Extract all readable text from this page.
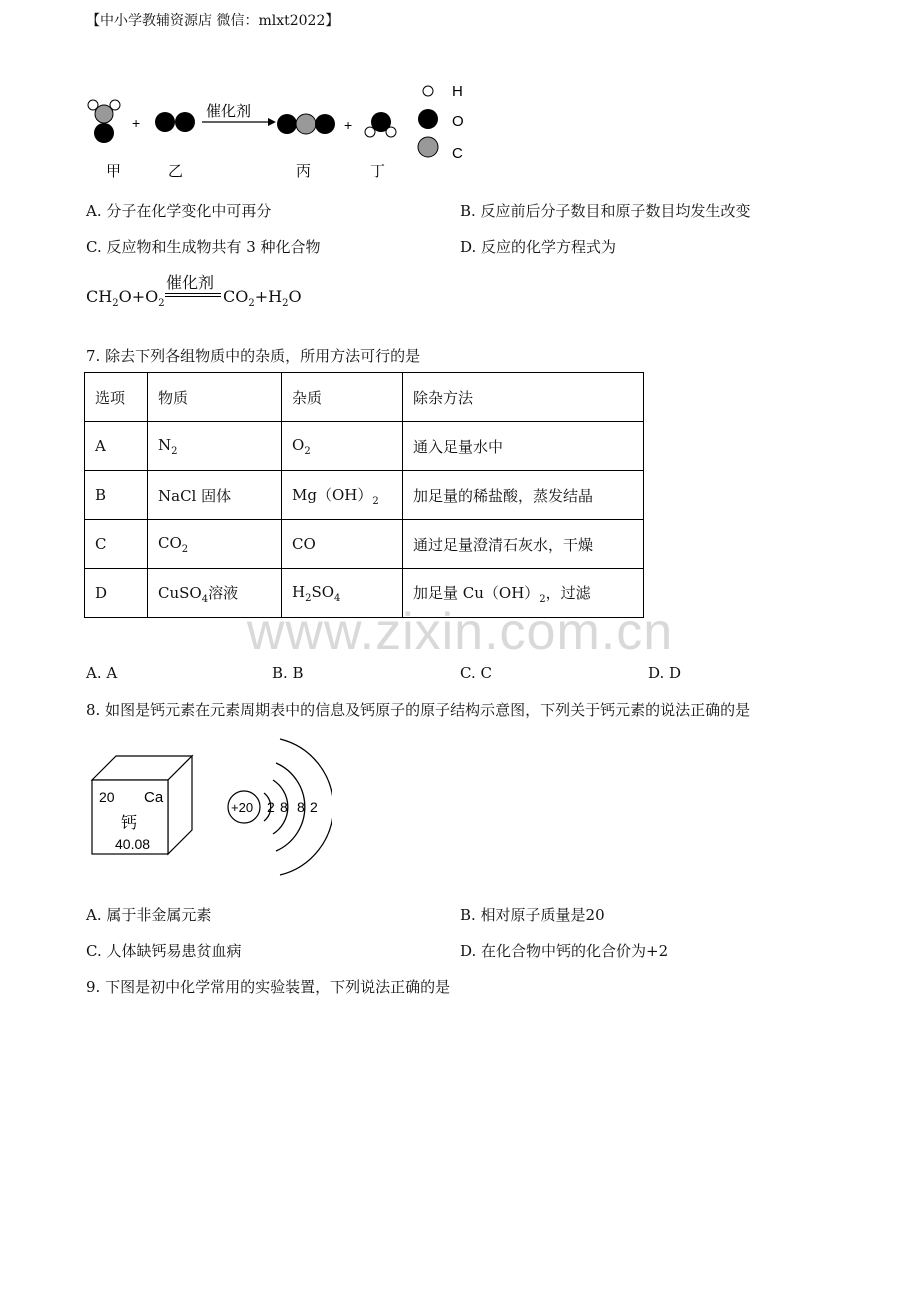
【中小学教辅资源店 微信：mlxt2022】
+
催化剂
+
H
O
C
甲	乙	丙	丁
A. 分子在化学变化中可再分	B. 反应前后分子数目和原子数目均发生改变
C. 反应物和生成物共有 3 种化合物	D. 反应的化学方程式为
催化剂
$CH_2O+O_2$	$CO_2+H_2O$
7. 除去下列各组物质中的杂质，所用方法可行的是
选项	物质	杂质	除杂方法
A	$N_2$	$O_2$	通入足量水中
B	NaCl 固体	$Mg(OH)_2$	加足量的稀盐酸，蒸发结晶
C	$CO_2$	CO	通过足量澄清石灰水，干燥
D	CuSO$_4$溶液	$H_2SO_4$	加足量 $Cu(OH)_2$，过滤
www.zixin.com.cn
A. A	B. B	C. C	D. D
8. 如图是钙元素在元素周期表中的信息及钙原子的原子结构示意图，下列关于钙元素的说法正确的是
20 Ca
钙
40.08
+20 2 8 8 2
A. 属于非金属元素	B. 相对原子质量是20
C. 人体缺钙易患贫血病	D. 在化合物中钙的化合价为+2
9. 下图是初中化学常用的实验装置，下列说法正确的是
